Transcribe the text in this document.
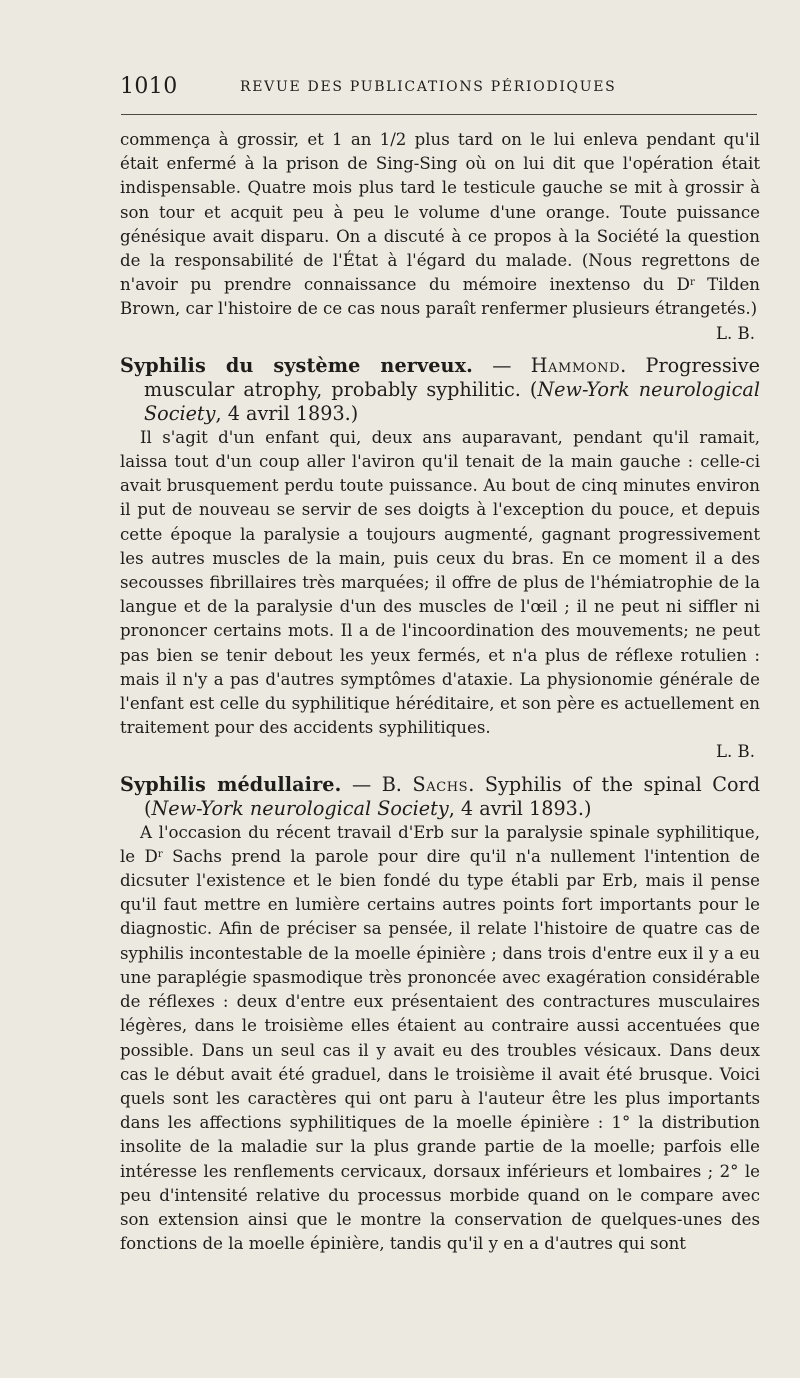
1010	REVUE DES PUBLICATIONS PÉRIODIQUES

commença à grossir, et 1 an 1/2 plus tard on le lui enleva pendant qu'il était enfermé à la prison de Sing-Sing où on lui dit que l'opération était indispensable. Quatre mois plus tard le testicule gauche se mit à grossir à son tour et acquit peu à peu le volume d'une orange. Toute puissance génésique avait disparu. On a discuté à ce propos à la Société la question de la responsabilité de l'État à l'égard du malade. (Nous regrettons de n'avoir pu prendre connaissance du mémoire inextenso du $D^r$ Tilden Brown, car l'histoire de ce cas nous paraît renfermer plusieurs étrangetés.)

L. B.

Syphilis du système nerveux. — Hammond. Progressive muscular atrophy, probably syphilitic. (New-York neurological Society, 4 avril 1893.)

Il s'agit d'un enfant qui, deux ans auparavant, pendant qu'il ramait, laissa tout d'un coup aller l'aviron qu'il tenait de la main gauche : celle-ci avait brusquement perdu toute puissance. Au bout de cinq minutes environ il put de nouveau se servir de ses doigts à l'exception du pouce, et depuis cette époque la paralysie a toujours augmenté, gagnant progressivement les autres muscles de la main, puis ceux du bras. En ce moment il a des secousses fibrillaires très marquées; il offre de plus de l'hémiatrophie de la langue et de la paralysie d'un des muscles de l'œil ; il ne peut ni siffler ni prononcer certains mots. Il a de l'incoordination des mouvements; ne peut pas bien se tenir debout les yeux fermés, et n'a plus de réflexe rotulien : mais il n'y a pas d'autres symptômes d'ataxie. La physionomie générale de l'enfant est celle du syphilitique héréditaire, et son père es actuellement en traitement pour des accidents syphilitiques.

L. B.

Syphilis médullaire. — B. Sachs. Syphilis of the spinal Cord (New-York neurological Society, 4 avril 1893.)

A l'occasion du récent travail d'Erb sur la paralysie spinale syphilitique, le $D^r$ Sachs prend la parole pour dire qu'il n'a nullement l'intention de dicsuter l'existence et le bien fondé du type établi par Erb, mais il pense qu'il faut mettre en lumière certains autres points fort importants pour le diagnostic. Afin de préciser sa pensée, il relate l'histoire de quatre cas de syphilis incontestable de la moelle épinière ; dans trois d'entre eux il y a eu une paraplégie spasmodique très prononcée avec exagération considérable de réflexes : deux d'entre eux présentaient des contractures musculaires légères, dans le troisième elles étaient au contraire aussi accentuées que possible. Dans un seul cas il y avait eu des troubles vésicaux. Dans deux cas le début avait été graduel, dans le troisième il avait été brusque. Voici quels sont les caractères qui ont paru à l'auteur être les plus importants dans les affections syphilitiques de la moelle épinière : 1° la distribution insolite de la maladie sur la plus grande partie de la moelle; parfois elle intéresse les renflements cervicaux, dorsaux inférieurs et lombaires ; 2° le peu d'intensité relative du processus morbide quand on le compare avec son extension ainsi que le montre la conservation de quelques-unes des fonctions de la moelle épinière, tandis qu'il y en a d'autres qui sont
